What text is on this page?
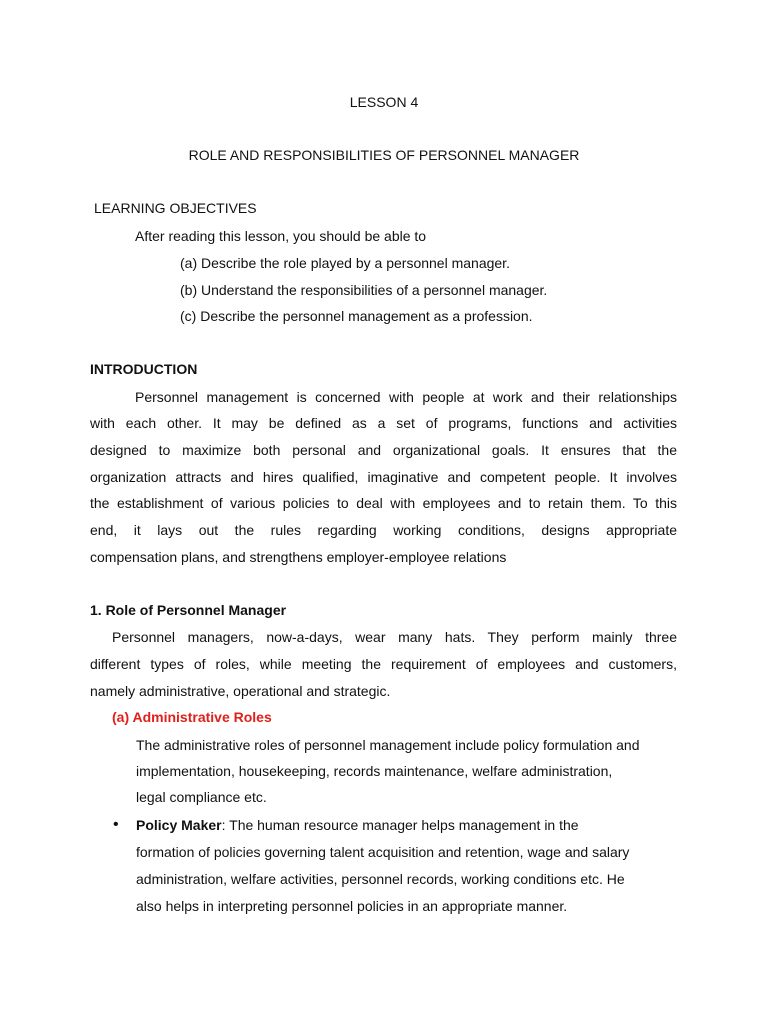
LESSON 4
ROLE AND RESPONSIBILITIES OF PERSONNEL MANAGER
LEARNING OBJECTIVES
After reading this lesson, you should be able to
(a) Describe the role played by a personnel manager.
(b) Understand the responsibilities of a personnel manager.
(c) Describe the personnel management as a profession.
INTRODUCTION
Personnel management is concerned with people at work and their relationships
with each other. It may be defined as a set of programs, functions and activities
designed to maximize both personal and organizational goals. It ensures that the
organization attracts and hires qualified, imaginative and competent people. It involves
the establishment of various policies to deal with employees and to retain them. To this
end, it lays out the rules regarding working conditions, designs appropriate
compensation plans, and strengthens employer-employee relations
1. Role of Personnel Manager
Personnel managers, now-a-days, wear many hats. They perform mainly three
different types of roles, while meeting the requirement of employees and customers,
namely administrative, operational and strategic.
(a) Administrative Roles
The administrative roles of personnel management include policy formulation and
implementation, housekeeping, records maintenance, welfare administration,
legal compliance etc.
• Policy Maker: The human resource manager helps management in the
formation of policies governing talent acquisition and retention, wage and salary
administration, welfare activities, personnel records, working conditions etc. He
also helps in interpreting personnel policies in an appropriate manner.
